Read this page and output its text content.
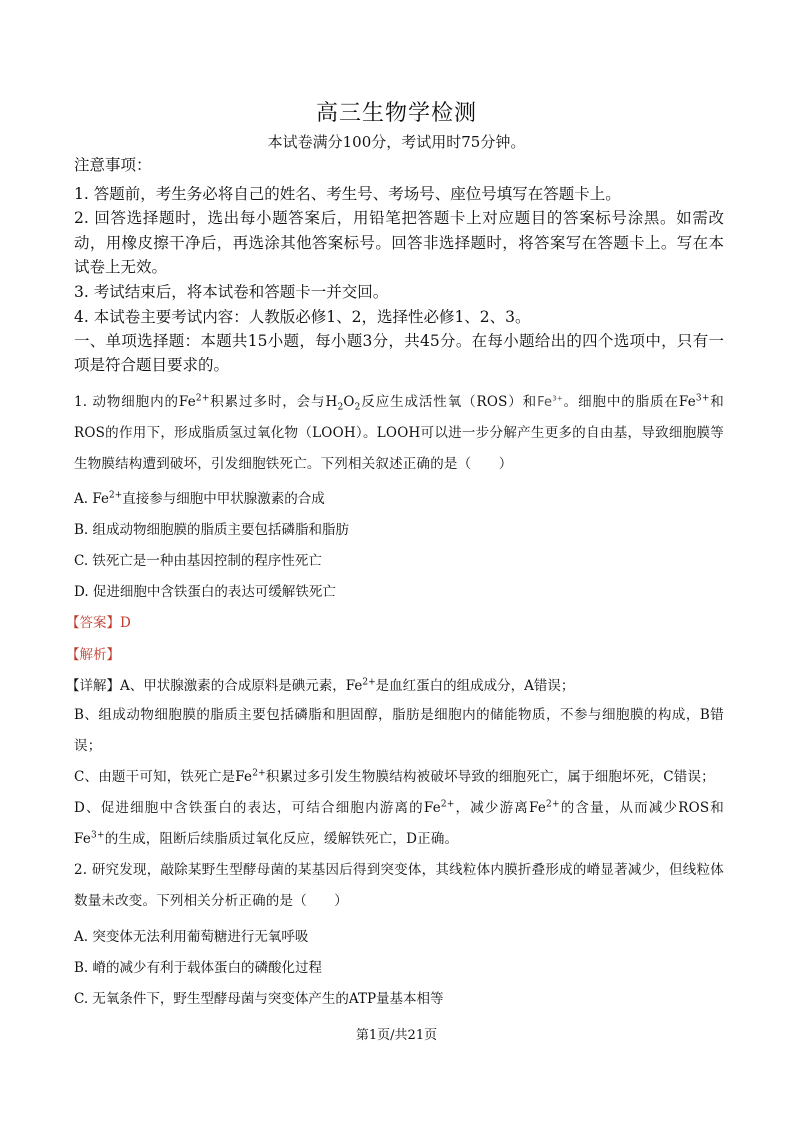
高三生物学检测
本试卷满分100分，考试用时75分钟。
注意事项：
1. 答题前，考生务必将自己的姓名、考生号、考场号、座位号填写在答题卡上。
2. 回答选择题时，选出每小题答案后，用铅笔把答题卡上对应题目的答案标号涂黑。如需改动，用橡皮擦干净后，再选涂其他答案标号。回答非选择题时，将答案写在答题卡上。写在本试卷上无效。
3. 考试结束后，将本试卷和答题卡一并交回。
4. 本试卷主要考试内容：人教版必修1、2，选择性必修1、2、3。
一、单项选择题：本题共15小题，每小题3分，共45分。在每小题给出的四个选项中，只有一项是符合题目要求的。
1. 动物细胞内的$Fe^{2+}$积累过多时，会与$H_2O_2$反应生成活性氧（ROS）和$Fe^{3+}$。细胞中的脂质在$Fe^{3+}$和ROS的作用下，形成脂质氢过氧化物（LOOH）。LOOH可以进一步分解产生更多的自由基，导致细胞膜等生物膜结构遭到破坏，引发细胞铁死亡。下列相关叙述正确的是（　　）
A. $Fe^{2+}$直接参与细胞中甲状腺激素的合成
B. 组成动物细胞膜的脂质主要包括磷脂和脂肪
C. 铁死亡是一种由基因控制的程序性死亡
D. 促进细胞中含铁蛋白的表达可缓解铁死亡
【答案】D
【解析】
【详解】A、甲状腺激素的合成原料是碘元素，$Fe^{2+}$是血红蛋白的组成成分，A错误；
B、组成动物细胞膜的脂质主要包括磷脂和胆固醇，脂肪是细胞内的储能物质，不参与细胞膜的构成，B错误；
C、由题干可知，铁死亡是$Fe^{2+}$积累过多引发生物膜结构被破坏导致的细胞死亡，属于细胞坏死，C错误；
D、促进细胞中含铁蛋白的表达，可结合细胞内游离的$Fe^{2+}$，减少游离$Fe^{2+}$的含量，从而减少ROS和$Fe^{3+}$的生成，阻断后续脂质过氧化反应，缓解铁死亡，D正确。
2. 研究发现，敲除某野生型酵母菌的某基因后得到突变体，其线粒体内膜折叠形成的嵴显著减少，但线粒体数量未改变。下列相关分析正确的是（　　）
A. 突变体无法利用葡萄糖进行无氧呼吸
B. 嵴的减少有利于载体蛋白的磷酸化过程
C. 无氧条件下，野生型酵母菌与突变体产生的ATP量基本相等
第1页/共21页
